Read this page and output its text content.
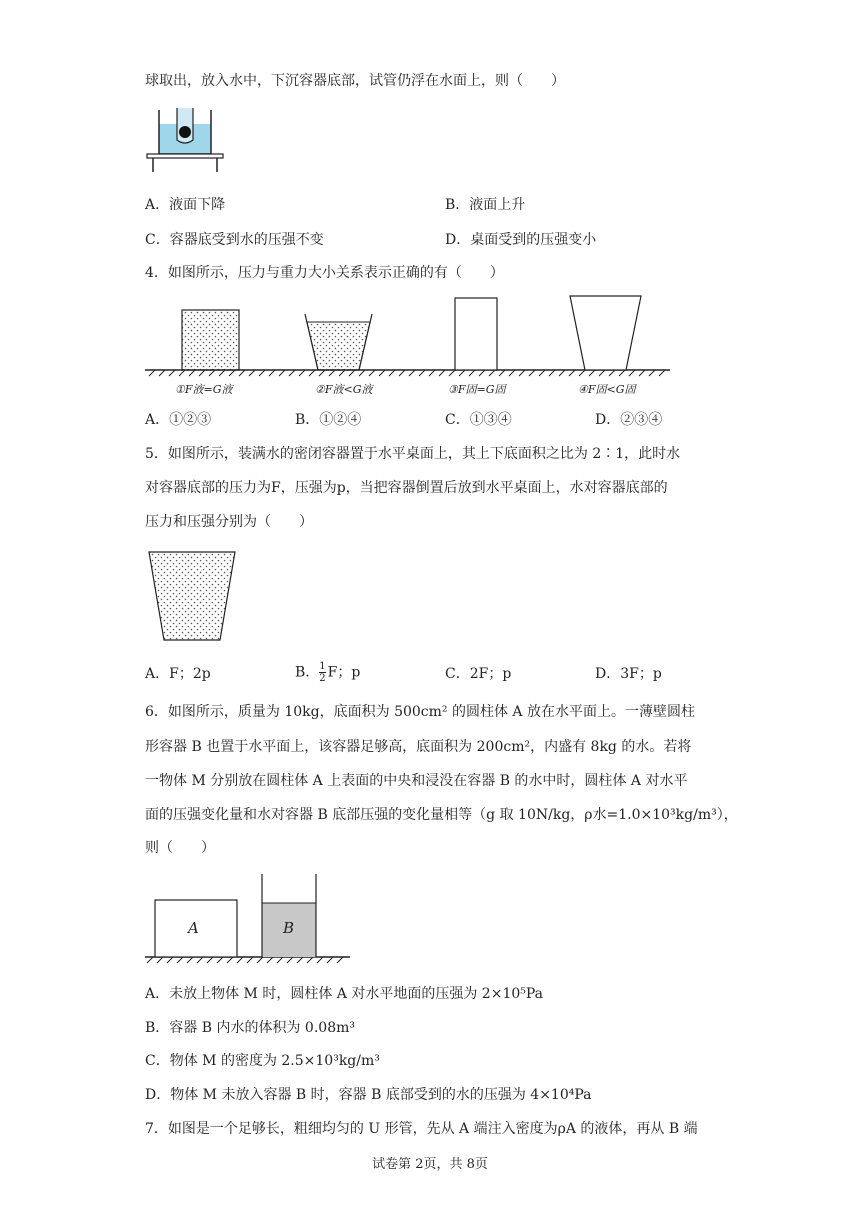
球取出，放入水中，下沉容器底部，试管仍浮在水面上，则（　　）
A．液面下降	B．液面上升
C．容器底受到水的压强不变	D．桌面受到的压强变小
4．如图所示，压力与重力大小关系表示正确的有（　　）
①F液=G液	②F液<G液	③F固=G固	④F固<G固
A．①②③	B．①②④	C．①③④	D．②③④
5．如图所示，装满水的密闭容器置于水平桌面上，其上下底面积之比为 2∶1，此时水
对容器底部的压力为F，压强为p，当把容器倒置后放到水平桌面上，水对容器底部的
压力和压强分别为（　　）
A．F；2p	B．$\frac{1}{2}$ F；p	C．2F；p	D．3F；p
6．如图所示，质量为 10kg，底面积为 500cm² 的圆柱体 A 放在水平面上。一薄壁圆柱
形容器 B 也置于水平面上，该容器足够高，底面积为 200cm²，内盛有 8kg 的水。若将
一物体 M 分别放在圆柱体 A 上表面的中央和浸没在容器 B 的水中时，圆柱体 A 对水平
面的压强变化量和水对容器 B 底部压强的变化量相等（g 取 10N/kg，ρ水=1.0×10³kg/m³），
则（　　）
A	B
A．未放上物体 M 时，圆柱体 A 对水平地面的压强为 2×10⁵Pa
B．容器 B 内水的体积为 0.08m³
C．物体 M 的密度为 2.5×10³kg/m³
D．物体 M 未放入容器 B 时，容器 B 底部受到的水的压强为 4×10⁴Pa
7．如图是一个足够长，粗细均匀的 U 形管，先从 A 端注入密度为ρA 的液体，再从 B 端
试卷第 2页，共 8页
